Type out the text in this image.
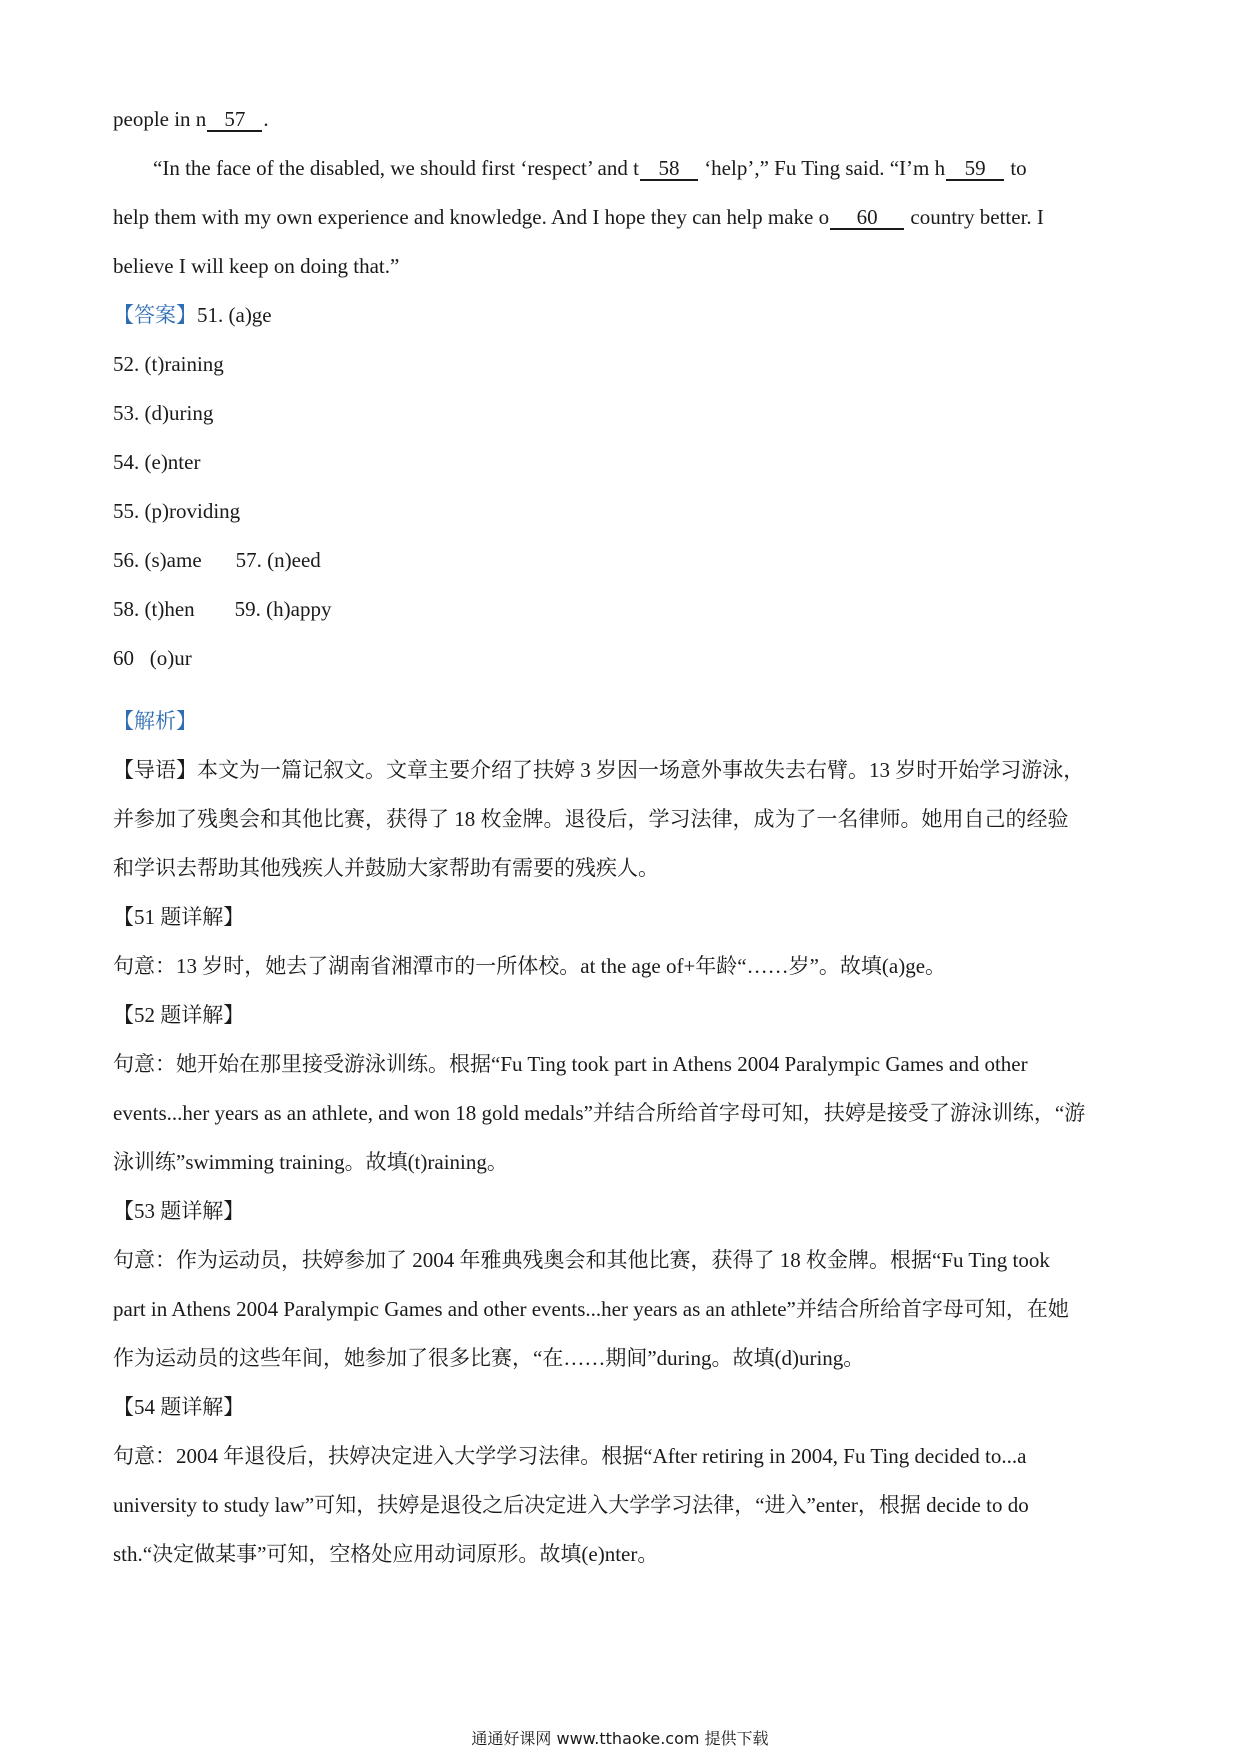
people in n 57 .
“In the face of the disabled, we should first ‘respect’ and t 58 ‘help’,” Fu Ting said. “I’m h 59 to
help them with my own experience and knowledge. And I hope they can help make o 60 country better. I
believe I will keep on doing that.”
【答案】51. (a)ge
52. (t)raining
53. (d)uring
54. (e)nter
55. (p)roviding
56. (s)ame 57. (n)eed
58. (t)hen 59. (h)appy
60   (o)ur
【解析】
【导语】本文为一篇记叙文。文章主要介绍了扶婷 3 岁因一场意外事故失去右臂。13 岁时开始学习游泳，
并参加了残奥会和其他比赛，获得了 18 枚金牌。退役后，学习法律，成为了一名律师。她用自己的经验
和学识去帮助其他残疾人并鼓励大家帮助有需要的残疾人。
【51 题详解】
句意：13 岁时，她去了湖南省湘潭市的一所体校。at the age of+年龄“……岁”。故填(a)ge。
【52 题详解】
句意：她开始在那里接受游泳训练。根据“Fu Ting took part in Athens 2004 Paralympic Games and other
events...her years as an athlete, and won 18 gold medals”并结合所给首字母可知，扶婷是接受了游泳训练，“游
泳训练”swimming training。故填(t)raining。
【53 题详解】
句意：作为运动员，扶婷参加了 2004 年雅典残奥会和其他比赛，获得了 18 枚金牌。根据“Fu Ting took
part in Athens 2004 Paralympic Games and other events...her years as an athlete”并结合所给首字母可知，在她
作为运动员的这些年间，她参加了很多比赛，“在……期间”during。故填(d)uring。
【54 题详解】
句意：2004 年退役后，扶婷决定进入大学学习法律。根据“After retiring in 2004, Fu Ting decided to...a
university to study law”可知，扶婷是退役之后决定进入大学学习法律，“进入”enter，根据 decide to do
sth.“决定做某事”可知，空格处应用动词原形。故填(e)nter。
通通好课网 www.tthaoke.com 提供下载
